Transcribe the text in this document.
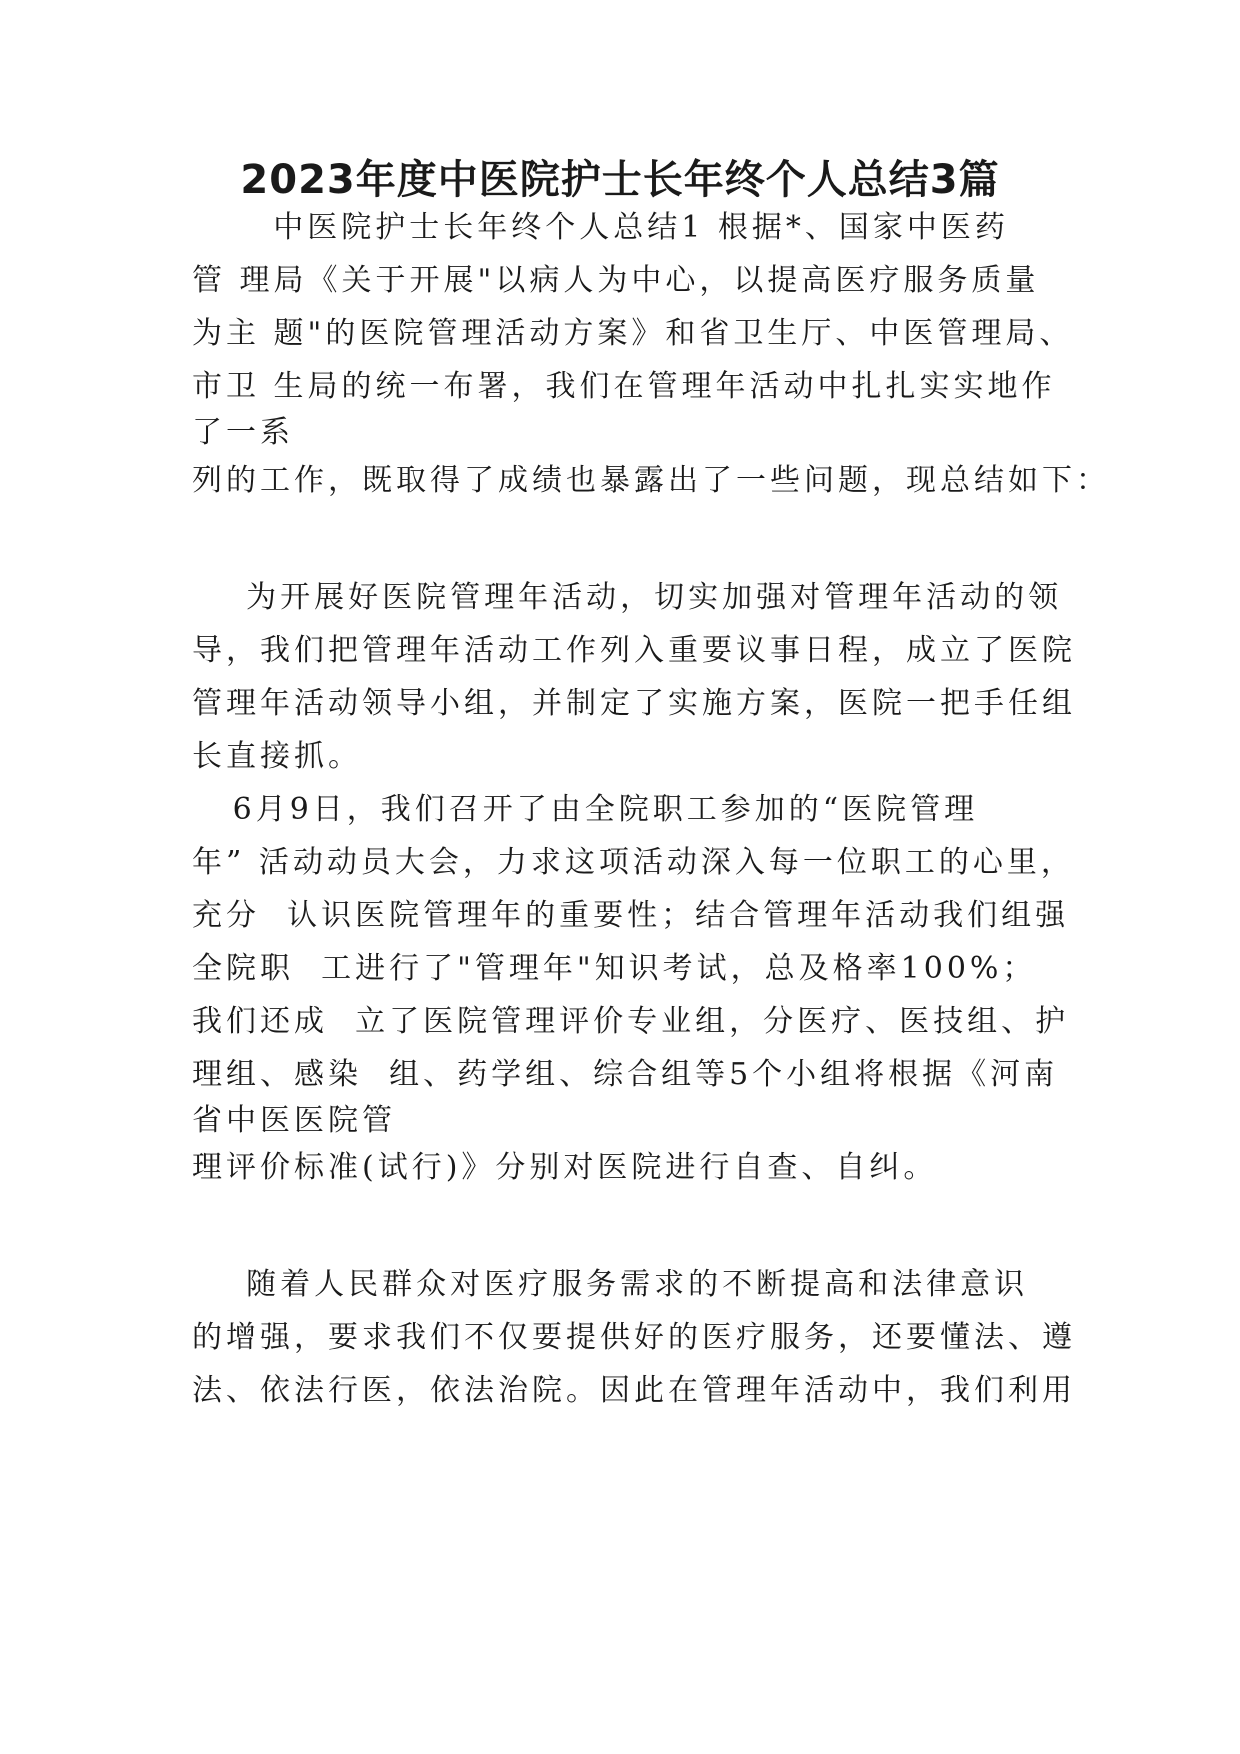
2023年度中医院护士长年终个人总结3篇

中医院护士长年终个人总结1 根据*、国家中医药

管 理局《关于开展"以病人为中心，以提高医疗服务质量

为主 题"的医院管理活动方案》和省卫生厅、中医管理局、

市卫 生局的统一布署，我们在管理年活动中扎扎实实地作

了一系

列的工作，既取得了成绩也暴露出了一些问题，现总结如下：

为开展好医院管理年活动，切实加强对管理年活动的领

导，我们把管理年活动工作列入重要议事日程，成立了医院

管理年活动领导小组，并制定了实施方案，医院一把手任组

长直接抓。

6月9日，我们召开了由全院职工参加的“医院管理

年” 活动动员大会，力求这项活动深入每一位职工的心里，

充分  认识医院管理年的重要性；结合管理年活动我们组强

全院职  工进行了"管理年"知识考试，总及格率100%；

我们还成  立了医院管理评价专业组，分医疗、医技组、护

理组、感染  组、药学组、综合组等5个小组将根据《河南

省中医医院管

理评价标准(试行)》分别对医院进行自查、自纠。

随着人民群众对医疗服务需求的不断提高和法律意识

的增强，要求我们不仅要提供好的医疗服务，还要懂法、遵

法、依法行医，依法治院。因此在管理年活动中，我们利用
